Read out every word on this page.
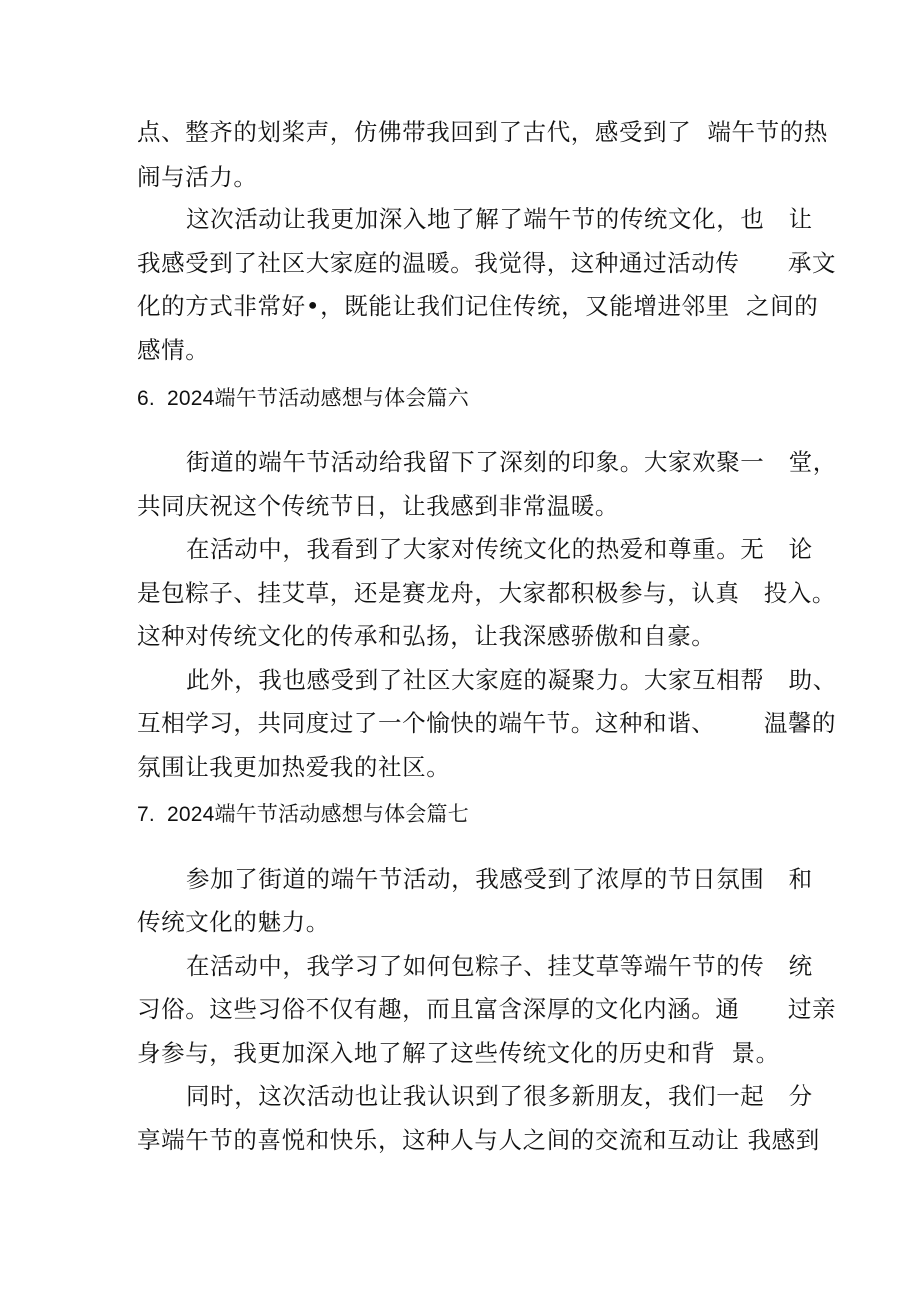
点、整齐的划桨声，仿佛带我回到了古代，感受到了  端午节的热

闹与活力。

这次活动让我更加深入地了解了端午节的传统文化，也   让

我感受到了社区大家庭的温暖。我觉得，这种通过活动传      承文

化的方式非常好•，既能让我们记住传统，又能增进邻里  之间的

感情。

6.  2024端午节活动感想与体会篇六

街道的端午节活动给我留下了深刻的印象。大家欢聚一   堂，

共同庆祝这个传统节日，让我感到非常温暖。

在活动中，我看到了大家对传统文化的热爱和尊重。无   论

是包粽子、挂艾草，还是赛龙舟，大家都积极参与，认真   投入。

这种对传统文化的传承和弘扬，让我深感骄傲和自豪。

此外，我也感受到了社区大家庭的凝聚力。大家互相帮   助、

互相学习，共同度过了一个愉快的端午节。这种和谐、      温馨的

氛围让我更加热爱我的社区。

7.  2024端午节活动感想与体会篇七

参加了街道的端午节活动，我感受到了浓厚的节日氛围   和

传统文化的魅力。

在活动中，我学习了如何包粽子、挂艾草等端午节的传   统

习俗。这些习俗不仅有趣，而且富含深厚的文化内涵。通      过亲

身参与，我更加深入地了解了这些传统文化的历史和背  景。

同时，这次活动也让我认识到了很多新朋友，我们一起   分

享端午节的喜悦和快乐，这种人与人之间的交流和互动让 我感到
